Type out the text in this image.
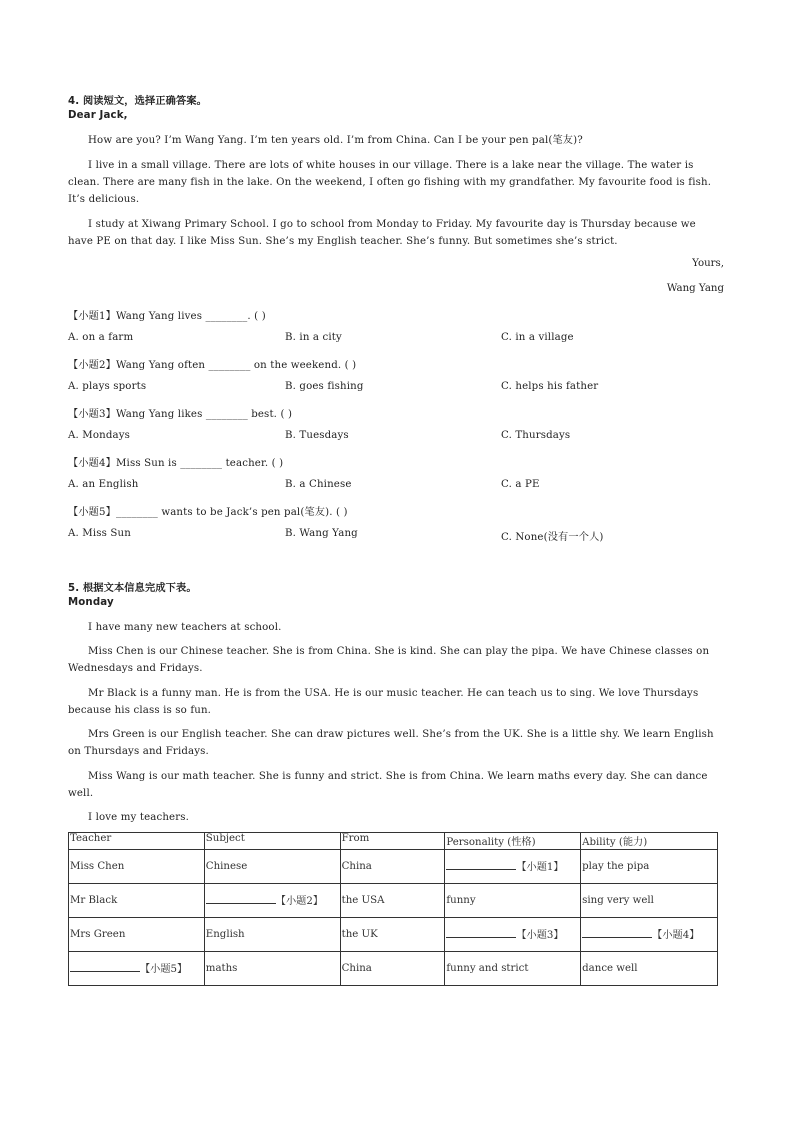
4. 阅读短文，选择正确答案。
Dear Jack,
How are you? I’m Wang Yang. I’m ten years old. I’m from China. Can I be your pen pal(笔友)?
I live in a small village. There are lots of white houses in our village. There is a lake near the village. The water is clean. There are many fish in the lake. On the weekend, I often go fishing with my grandfather. My favourite food is fish. It’s delicious.
I study at Xiwang Primary School. I go to school from Monday to Friday. My favourite day is Thursday because we have PE on that day. I like Miss Sun. She’s my English teacher. She’s funny. But sometimes she’s strict.
Yours,
Wang Yang
【小题1】Wang Yang lives ________. ( )
A. on a farm	B. in a city	C. in a village
【小题2】Wang Yang often ________ on the weekend. ( )
A. plays sports	B. goes fishing	C. helps his father
【小题3】Wang Yang likes ________ best. ( )
A. Mondays	B. Tuesdays	C. Thursdays
【小题4】Miss Sun is ________ teacher. ( )
A. an English	B. a Chinese	C. a PE
【小题5】________ wants to be Jack’s pen pal(笔友). ( )
A. Miss Sun	B. Wang Yang	C. None(没有一个人)
5. 根据文本信息完成下表。
Monday
I have many new teachers at school.
Miss Chen is our Chinese teacher. She is from China. She is kind. She can play the pipa. We have Chinese classes on Wednesdays and Fridays.
Mr Black is a funny man. He is from the USA. He is our music teacher. He can teach us to sing. We love Thursdays because his class is so fun.
Mrs Green is our English teacher. She can draw pictures well. She’s from the UK. She is a little shy. We learn English on Thursdays and Fridays.
Miss Wang is our math teacher. She is funny and strict. She is from China. We learn maths every day. She can dance well.
I love my teachers.
Teacher	Subject	From	Personality (性格)	Ability (能力)
Miss Chen	Chinese	China	【小题1】	play the pipa
Mr Black	【小题2】	the USA	funny	sing very well
Mrs Green	English	the UK	【小题3】	【小题4】
【小题5】	maths	China	funny and strict	dance well
